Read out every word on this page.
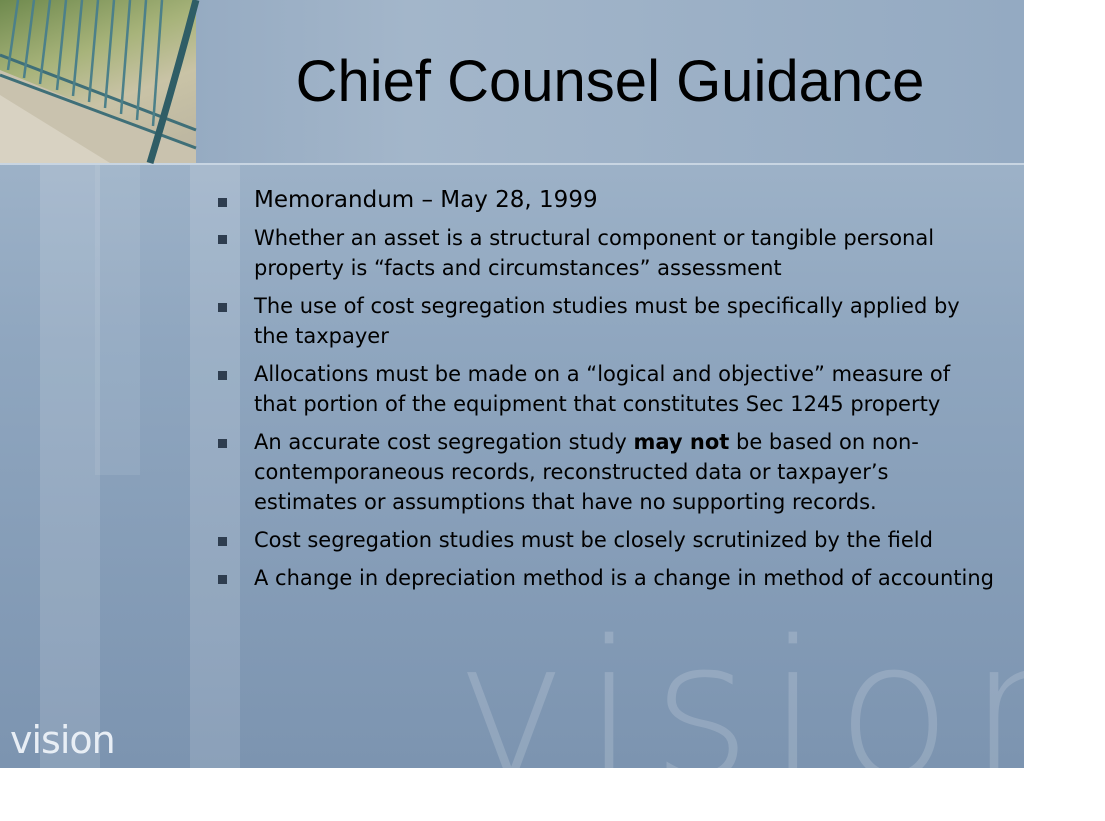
vision
Chief Counsel Guidance
Memorandum – May 28, 1999
Whether an asset is a structural component or tangible personal property is “facts and circumstances” assessment
The use of cost segregation studies must be specifically applied by the taxpayer
Allocations must be made on a “logical and objective” measure of that portion of the equipment that constitutes Sec 1245 property
An accurate cost segregation study may not be based on non-contemporaneous records, reconstructed data or taxpayer’s estimates or assumptions that have no supporting records.
Cost segregation studies must be closely scrutinized by the field
A change in depreciation method is a change in method of accounting
vision
